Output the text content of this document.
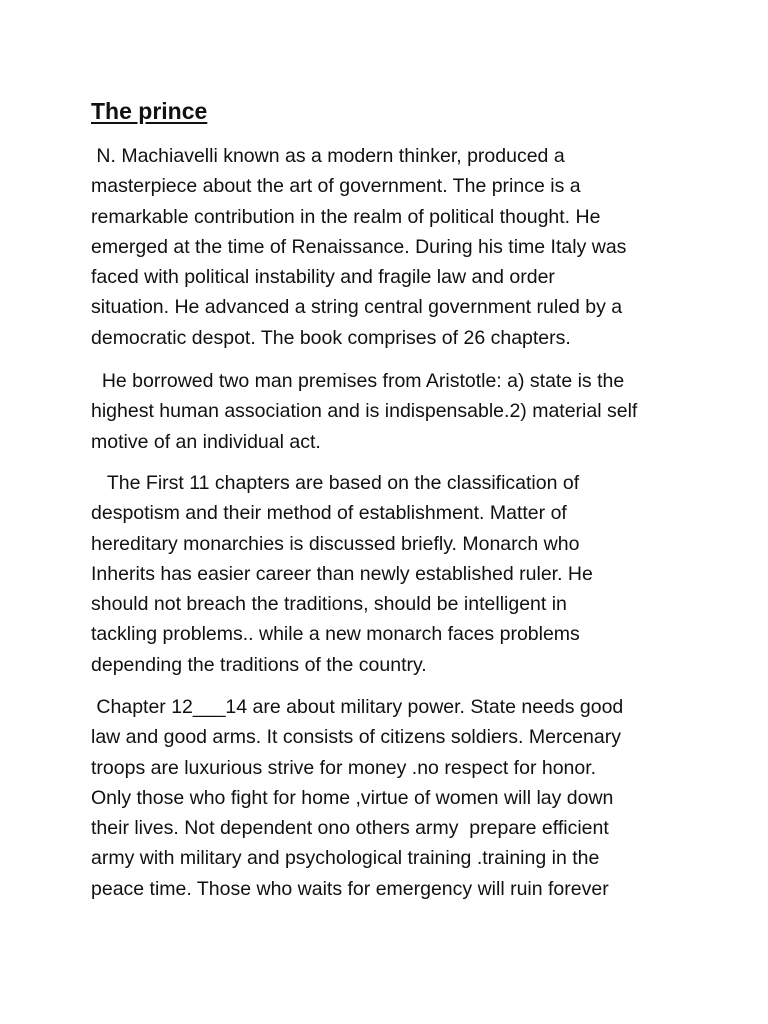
The prince

N. Machiavelli known as a modern thinker, produced a
masterpiece about the art of government. The prince is a
remarkable contribution in the realm of political thought. He
emerged at the time of Renaissance. During his time Italy was
faced with political instability and fragile law and order
situation. He advanced a string central government ruled by a
democratic despot. The book comprises of 26 chapters.

He borrowed two man premises from Aristotle: a) state is the
highest human association and is indispensable.2) material self
motive of an individual act.

The First 11 chapters are based on the classification of
despotism and their method of establishment. Matter of
hereditary monarchies is discussed briefly. Monarch who
Inherits has easier career than newly established ruler. He
should not breach the traditions, should be intelligent in
tackling problems.. while a new monarch faces problems
depending the traditions of the country.

Chapter 12___14 are about military power. State needs good
law and good arms. It consists of citizens soldiers. Mercenary
troops are luxurious strive for money .no respect for honor.
Only those who fight for home ,virtue of women will lay down
their lives. Not dependent ono others army  prepare efficient
army with military and psychological training .training in the
peace time. Those who waits for emergency will ruin forever
